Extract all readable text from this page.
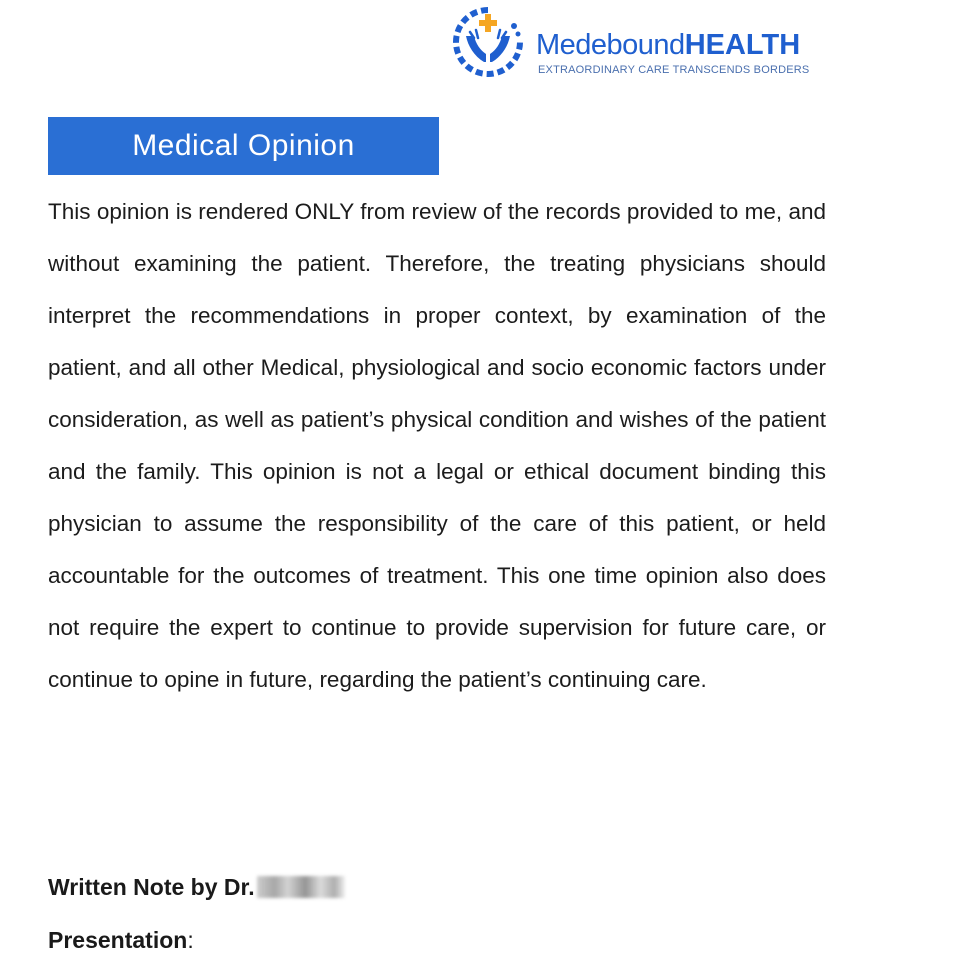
MedeboundHEALTH
EXTRAORDINARY CARE TRANSCENDS BORDERS
Medical Opinion

This opinion is rendered ONLY from review of the records provided to me, and without examining the patient. Therefore, the treating physicians should interpret the recommendations in proper context, by examination of the patient, and all other Medical, physiological and socio economic factors under consideration, as well as patient’s physical condition and wishes of the patient and the family. This opinion is not a legal or ethical document binding this physician to assume the responsibility of the care of this patient, or held accountable for the outcomes of treatment. This one time opinion also does not require the expert to continue to provide supervision for future care, or continue to opine in future, regarding the patient’s continuing care.

Written Note by Dr.
Presentation:
